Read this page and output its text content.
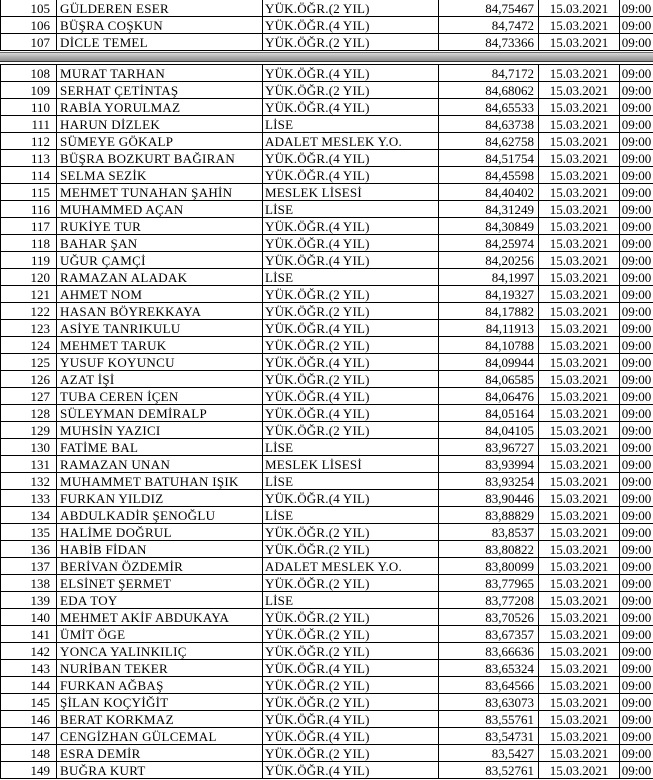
105	GÜLDEREN ESER	YÜK.ÖĞR.(2 YIL)	84,75467	15.03.2021	09:00
106	BÜŞRA COŞKUN	YÜK.ÖĞR.(4 YIL)	84,7472	15.03.2021	09:00
107	DİCLE TEMEL	YÜK.ÖĞR.(2 YIL)	84,73366	15.03.2021	09:00
108	MURAT TARHAN	YÜK.ÖĞR.(4 YIL)	84,7172	15.03.2021	09:00
109	SERHAT ÇETİNTAŞ	YÜK.ÖĞR.(2 YIL)	84,68062	15.03.2021	09:00
110	RABİA YORULMAZ	YÜK.ÖĞR.(4 YIL)	84,65533	15.03.2021	09:00
111	HARUN DİZLEK	LİSE	84,63738	15.03.2021	09:00
112	SÜMEYE GÖKALP	ADALET MESLEK Y.O.	84,62758	15.03.2021	09:00
113	BÜŞRA BOZKURT BAĞIRAN	YÜK.ÖĞR.(4 YIL)	84,51754	15.03.2021	09:00
114	SELMA SEZİK	YÜK.ÖĞR.(4 YIL)	84,45598	15.03.2021	09:00
115	MEHMET TUNAHAN ŞAHİN	MESLEK LİSESİ	84,40402	15.03.2021	09:00
116	MUHAMMED AÇAN	LİSE	84,31249	15.03.2021	09:00
117	RUKİYE TUR	YÜK.ÖĞR.(4 YIL)	84,30849	15.03.2021	09:00
118	BAHAR ŞAN	YÜK.ÖĞR.(4 YIL)	84,25974	15.03.2021	09:00
119	UĞUR ÇAMÇİ	YÜK.ÖĞR.(4 YIL)	84,20256	15.03.2021	09:00
120	RAMAZAN ALADAK	LİSE	84,1997	15.03.2021	09:00
121	AHMET NOM	YÜK.ÖĞR.(2 YIL)	84,19327	15.03.2021	09:00
122	HASAN BÖYREKKAYA	YÜK.ÖĞR.(2 YIL)	84,17882	15.03.2021	09:00
123	ASİYE TANRIKULU	YÜK.ÖĞR.(4 YIL)	84,11913	15.03.2021	09:00
124	MEHMET TARUK	YÜK.ÖĞR.(2 YIL)	84,10788	15.03.2021	09:00
125	YUSUF KOYUNCU	YÜK.ÖĞR.(4 YIL)	84,09944	15.03.2021	09:00
126	AZAT İŞİ	YÜK.ÖĞR.(2 YIL)	84,06585	15.03.2021	09:00
127	TUBA CEREN İÇEN	YÜK.ÖĞR.(4 YIL)	84,06476	15.03.2021	09:00
128	SÜLEYMAN DEMİRALP	YÜK.ÖĞR.(4 YIL)	84,05164	15.03.2021	09:00
129	MUHSİN YAZICI	YÜK.ÖĞR.(2 YIL)	84,04105	15.03.2021	09:00
130	FATİME BAL	LİSE	83,96727	15.03.2021	09:00
131	RAMAZAN UNAN	MESLEK LİSESİ	83,93994	15.03.2021	09:00
132	MUHAMMET BATUHAN IŞIK	LİSE	83,93254	15.03.2021	09:00
133	FURKAN YILDIZ	YÜK.ÖĞR.(4 YIL)	83,90446	15.03.2021	09:00
134	ABDULKADİR ŞENOĞLU	LİSE	83,88829	15.03.2021	09:00
135	HALİME DOĞRUL	YÜK.ÖĞR.(2 YIL)	83,8537	15.03.2021	09:00
136	HABİB FİDAN	YÜK.ÖĞR.(2 YIL)	83,80822	15.03.2021	09:00
137	BERİVAN ÖZDEMİR	ADALET MESLEK Y.O.	83,80099	15.03.2021	09:00
138	ELSİNET ŞERMET	YÜK.ÖĞR.(2 YIL)	83,77965	15.03.2021	09:00
139	EDA TOY	LİSE	83,77208	15.03.2021	09:00
140	MEHMET AKİF ABDUKAYA	YÜK.ÖĞR.(2 YIL)	83,70526	15.03.2021	09:00
141	ÜMİT ÖGE	YÜK.ÖĞR.(2 YIL)	83,67357	15.03.2021	09:00
142	YONCA YALINKILIÇ	YÜK.ÖĞR.(2 YIL)	83,66636	15.03.2021	09:00
143	NURİBAN TEKER	YÜK.ÖĞR.(4 YIL)	83,65324	15.03.2021	09:00
144	FURKAN AĞBAŞ	YÜK.ÖĞR.(2 YIL)	83,64566	15.03.2021	09:00
145	ŞİLAN KOÇYİĞİT	YÜK.ÖĞR.(2 YIL)	83,63073	15.03.2021	09:00
146	BERAT KORKMAZ	YÜK.ÖĞR.(4 YIL)	83,55761	15.03.2021	09:00
147	CENGİZHAN GÜLCEMAL	YÜK.ÖĞR.(4 YIL)	83,54731	15.03.2021	09:00
148	ESRA DEMİR	YÜK.ÖĞR.(2 YIL)	83,5427	15.03.2021	09:00
149	BUĞRA KURT	YÜK.ÖĞR.(4 YIL)	83,52761	15.03.2021	09:00
